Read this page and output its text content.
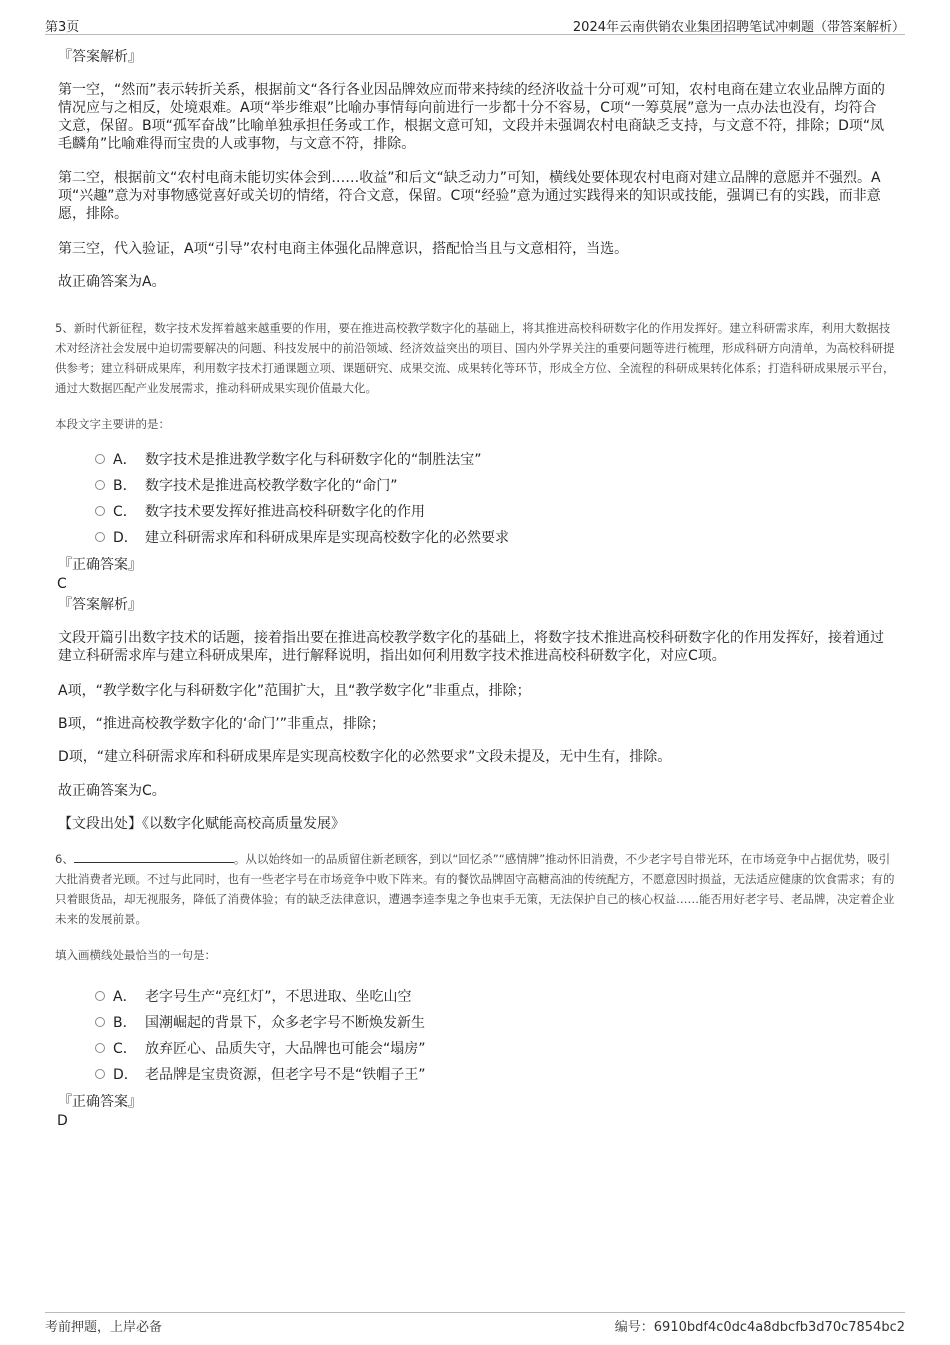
第3页	2024年云南供销农业集团招聘笔试冲刺题（带答案解析）

『答案解析』

第一空，“然而”表示转折关系，根据前文“各行各业因品牌效应而带来持续的经济收益十分可观”可知，农村电商在建立农业品牌方面的情况应与之相反，处境艰难。A项“举步维艰”比喻办事情每向前进行一步都十分不容易，C项“一筹莫展”意为一点办法也没有，均符合文意，保留。B项“孤军奋战”比喻单独承担任务或工作，根据文意可知，文段并未强调农村电商缺乏支持，与文意不符，排除；D项“凤毛麟角”比喻难得而宝贵的人或事物，与文意不符，排除。

第二空，根据前文“农村电商未能切实体会到……收益”和后文“缺乏动力”可知，横线处要体现农村电商对建立品牌的意愿并不强烈。A项“兴趣”意为对事物感觉喜好或关切的情绪，符合文意，保留。C项“经验”意为通过实践得来的知识或技能，强调已有的实践，而非意愿，排除。

第三空，代入验证，A项“引导”农村电商主体强化品牌意识，搭配恰当且与文意相符，当选。

故正确答案为A。

5、新时代新征程，数字技术发挥着越来越重要的作用，要在推进高校教学数字化的基础上，将其推进高校科研数字化的作用发挥好。建立科研需求库，利用大数据技术对经济社会发展中迫切需要解决的问题、科技发展中的前沿领域、经济效益突出的项目、国内外学界关注的重要问题等进行梳理，形成科研方向清单，为高校科研提供参考；建立科研成果库，利用数字技术打通课题立项、课题研究、成果交流、成果转化等环节，形成全方位、全流程的科研成果转化体系；打造科研成果展示平台，通过大数据匹配产业发展需求，推动科研成果实现价值最大化。

本段文字主要讲的是：

A． 数字技术是推进教学数字化与科研数字化的“制胜法宝”
B． 数字技术是推进高校教学数字化的“命门”
C． 数字技术要发挥好推进高校科研数字化的作用
D． 建立科研需求库和科研成果库是实现高校数字化的必然要求

『正确答案』

C

『答案解析』

文段开篇引出数字技术的话题，接着指出要在推进高校教学数字化的基础上，将数字技术推进高校科研数字化的作用发挥好，接着通过建立科研需求库与建立科研成果库，进行解释说明，指出如何利用数字技术推进高校科研数字化，对应C项。

A项，“教学数字化与科研数字化”范围扩大，且“教学数字化”非重点，排除；

B项，“推进高校教学数字化的‘命门’”非重点，排除；

D项，“建立科研需求库和科研成果库是实现高校数字化的必然要求”文段未提及，无中生有，排除。

故正确答案为C。

【文段出处】《以数字化赋能高校高质量发展》

6、	。从以始终如一的品质留住新老顾客，到以“回忆杀”“感情牌”推动怀旧消费，不少老字号自带光环，在市场竞争中占据优势，吸引大批消费者光顾。不过与此同时，也有一些老字号在市场竞争中败下阵来。有的餐饮品牌固守高糖高油的传统配方，不愿意因时损益，无法适应健康的饮食需求；有的只着眼货品，却无视服务，降低了消费体验；有的缺乏法律意识，遭遇李逵李鬼之争也束手无策，无法保护自己的核心权益……能否用好老字号、老品牌，决定着企业未来的发展前景。

填入画横线处最恰当的一句是：

A． 老字号生产“亮红灯”，不思进取、坐吃山空
B． 国潮崛起的背景下，众多老字号不断焕发新生
C． 放弃匠心、品质失守，大品牌也可能会“塌房”
D． 老品牌是宝贵资源，但老字号不是“铁帽子王”

『正确答案』

D

考前押题，上岸必备	编号：6910bdf4c0dc4a8dbcfb3d70c7854bc2
